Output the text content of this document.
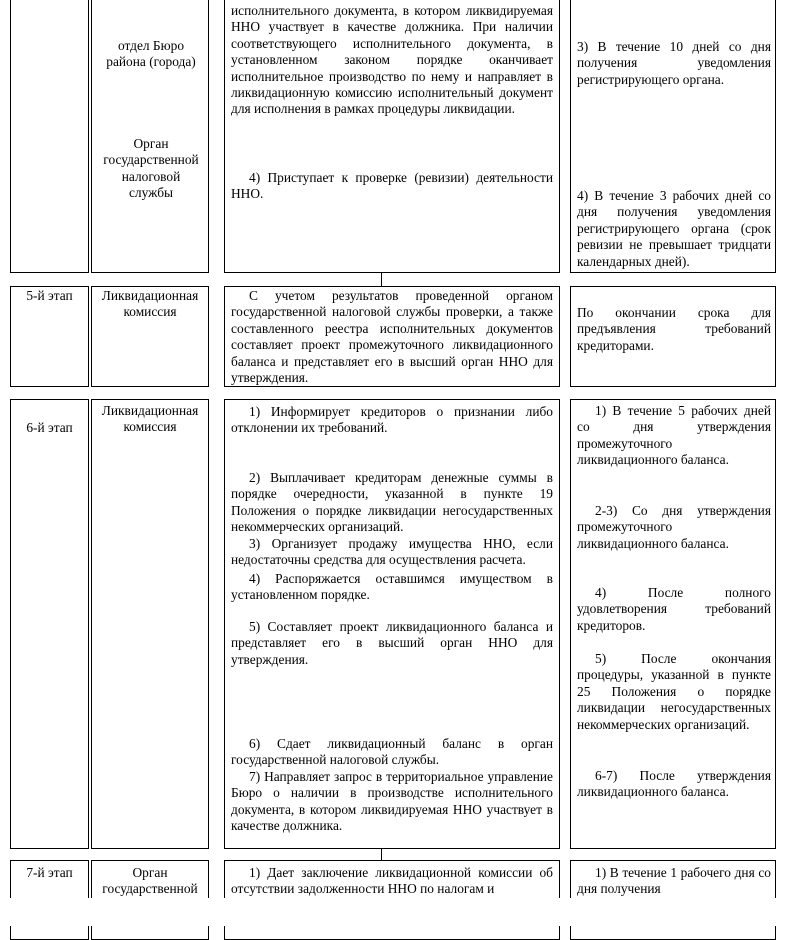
отдел Бюро района (города)
Орган государственной налоговой службы
исполнительного документа, в котором ликвидируемая ННО участвует в качестве должника. При наличии соответствующего исполнительного документа, в установленном законом порядке оканчивает исполнительное производство по нему и направляет в ликвидационную комиссию исполнительный документ для исполнения в рамках процедуры ликвидации.
4) Приступает к проверке (ревизии) деятельности ННО.
3) В течение 10 дней со дня получения уведомления регистрирующего органа.
4) В течение 3 рабочих дней со дня получения уведомления регистрирующего органа (срок ревизии не превышает тридцати календарных дней).
5-й этап	Ликвидационная комиссия
С учетом результатов проведенной органом государственной налоговой службы проверки, а также составленного реестра исполнительных документов составляет проект промежуточного ликвидационного баланса и представляет его в высший орган ННО для утверждения.
По окончании срока для предъявления требований кредиторами.
6-й этап
Ликвидационная комиссия
1) Информирует кредиторов о признании либо отклонении их требований.
2) Выплачивает кредиторам денежные суммы в порядке очередности, указанной в пункте 19 Положения о порядке ликвидации негосударственных некоммерческих организаций.
3) Организует продажу имущества ННО, если недостаточны средства для осуществления расчета.
4) Распоряжается оставшимся имуществом в установленном порядке.
5) Составляет проект ликвидационного баланса и представляет его в высший орган ННО для утверждения.
6) Сдает ликвидационный баланс в орган государственной налоговой службы.
7) Направляет запрос в территориальное управление Бюро о наличии в производстве исполнительного документа, в котором ликвидируемая ННО участвует в качестве должника.
1) В течение 5 рабочих дней со дня утверждения промежуточного ликвидационного баланса.
2-3) Со дня утверждения промежуточного ликвидационного баланса.
4) После полного удовлетворения требований кредиторов.
5) После окончания процедуры, указанной в пункте 25 Положения о порядке ликвидации негосударственных некоммерческих организаций.
6-7) После утверждения ликвидационного баланса.
7-й этап	Орган государственной
1) Дает заключение ликвидационной комиссии об отсутствии задолженности ННО по налогам и
1) В течение 1 рабочего дня со дня получения
